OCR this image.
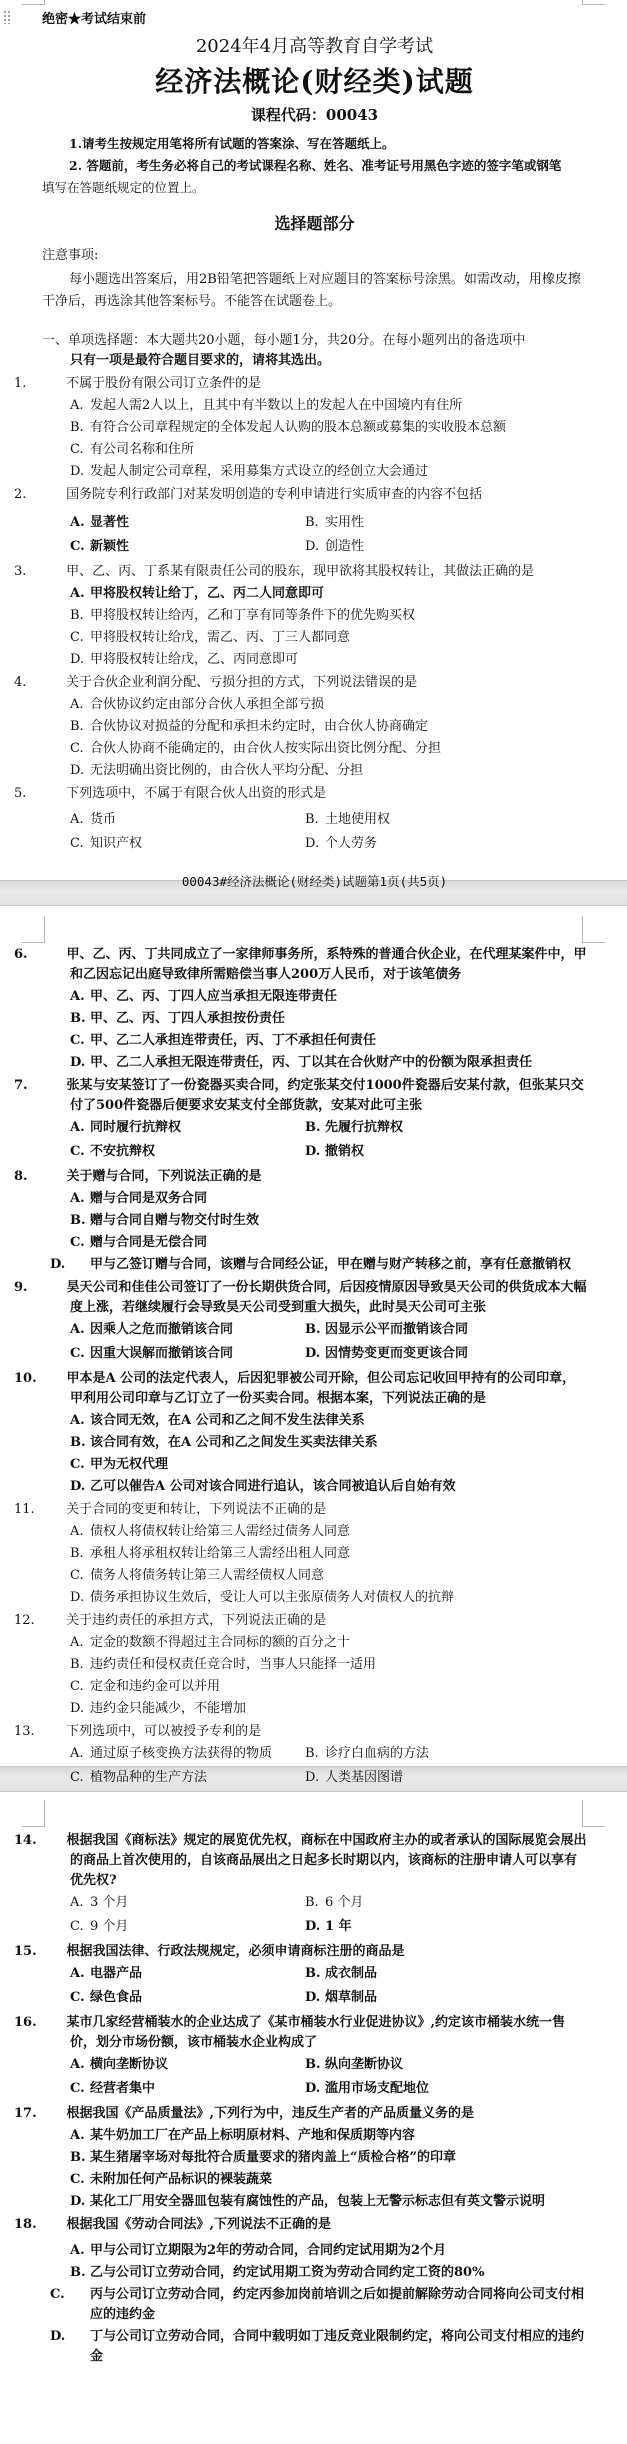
绝密★考试结束前
2024年4月高等教育自学考试
经济法概论(财经类)试题
课程代码：00043
1.请考生按规定用笔将所有试题的答案涂、写在答题纸上。
2. 答题前，考生务必将自己的考试课程名称、姓名、准考证号用黑色字迹的签字笔或钢笔
填写在答题纸规定的位置上。
选择题部分
注意事项:
每小题选出答案后，用2B铅笔把答题纸上对应题目的答案标号涂黑。如需改动，用橡皮擦干净后，再选涂其他答案标号。不能答在试题卷上。
一、单项选择题：本大题共20小题，每小题1分，共20分。在每小题列出的备选项中
只有一项是最符合题目要求的，请将其选出。
1.	不属于股份有限公司订立条件的是
A. 发起人需2人以上，且其中有半数以上的发起人在中国境内有住所
B. 有符合公司章程规定的全体发起人认购的股本总额或募集的实收股本总额
C. 有公司名称和住所
D. 发起人制定公司章程，采用募集方式设立的经创立大会通过
2.	国务院专利行政部门对某发明创造的专利申请进行实质审查的内容不包括
A. 显著性	B. 实用性
C. 新颖性	D. 创造性
3.	甲、乙、丙、丁系某有限责任公司的股东，现甲欲将其股权转让，其做法正确的是
A. 甲将股权转让给丁，乙、丙二人同意即可
B. 甲将股权转让给丙，乙和丁享有同等条件下的优先购买权
C. 甲将股权转让给戊，需乙、丙、丁三人都同意
D. 甲将股权转让给戊，乙、丙同意即可
4.	关于合伙企业利润分配、亏损分担的方式，下列说法错误的是
A. 合伙协议约定由部分合伙人承担全部亏损
B. 合伙协议对损益的分配和承担未约定时，由合伙人协商确定
C. 合伙人协商不能确定的，由合伙人按实际出资比例分配、分担
D. 无法明确出资比例的，由合伙人平均分配、分担
5.	下列选项中，不属于有限合伙人出资的形式是
A. 货币	B. 土地使用权
C. 知识产权	D. 个人劳务
00043#经济法概论(财经类)试题第1页(共5页)
6.	甲、乙、丙、丁共同成立了一家律师事务所，系特殊的普通合伙企业，在代理某案件中，甲和乙因忘记出庭导致律所需赔偿当事人200万人民币，对于该笔债务
A. 甲、乙、丙、丁四人应当承担无限连带责任
B. 甲、乙、丙、丁四人承担按份责任
C. 甲、乙二人承担连带责任，丙、丁不承担任何责任
D. 甲、乙二人承担无限连带责任，丙、丁以其在合伙财产中的份额为限承担责任
7.	张某与安某签订了一份瓷器买卖合同，约定张某交付1000件瓷器后安某付款，但张某只交付了500件瓷器后便要求安某支付全部货款，安某对此可主张
A. 同时履行抗辩权	B. 先履行抗辩权
C. 不安抗辩权	D. 撤销权
8.	关于赠与合同，下列说法正确的是
A. 赠与合同是双务合同
B. 赠与合同自赠与物交付时生效
C. 赠与合同是无偿合同
D. 甲与乙签订赠与合同，该赠与合同经公证，甲在赠与财产转移之前，享有任意撤销权
9.	昊天公司和佳佳公司签订了一份长期供货合同，后因疫情原因导致昊天公司的供货成本大幅度上涨，若继续履行会导致昊天公司受到重大损失，此时昊天公司可主张
A. 因乘人之危而撤销该合同	B. 因显示公平而撤销该合同
C. 因重大误解而撤销该合同	D. 因情势变更而变更该合同
10. 甲本是A 公司的法定代表人，后因犯罪被公司开除，但公司忘记收回甲持有的公司印章，甲利用公司印章与乙订立了一份买卖合同。根据本案，下列说法正确的是
A. 该合同无效，在A 公司和乙之间不发生法律关系
B. 该合同有效，在A 公司和乙之间发生买卖法律关系
C. 甲为无权代理
D. 乙可以催告A 公司对该合同进行追认，该合同被追认后自始有效
11. 关于合同的变更和转让，下列说法不正确的是
A. 债权人将债权转让给第三人需经过债务人同意
B. 承租人将承租权转让给第三人需经出租人同意
C. 债务人将债务转让第三人需经债权人同意
D. 债务承担协议生效后，受让人可以主张原债务人对债权人的抗辩
12. 关于违约责任的承担方式，下列说法正确的是
A. 定金的数额不得超过主合同标的额的百分之十
B. 违约责任和侵权责任竞合时，当事人只能择一适用
C. 定金和违约金可以并用
D. 违约金只能减少，不能增加
13. 下列选项中，可以被授予专利的是
A. 通过原子核变换方法获得的物质	B. 诊疗白血病的方法
C. 植物品种的生产方法	D. 人类基因图谱
14. 根据我国《商标法》规定的展览优先权，商标在中国政府主办的或者承认的国际展览会展出的商品上首次使用的，自该商品展出之日起多长时期以内，该商标的注册申请人可以享有优先权?
A. 3 个月	B. 6 个月
C. 9 个月	D. 1 年
15. 根据我国法律、行政法规规定，必须申请商标注册的商品是
A. 电器产品	B. 成衣制品
C. 绿色食品	D. 烟草制品
16. 某市几家经营桶装水的企业达成了《某市桶装水行业促进协议》,约定该市桶装水统一售价，划分市场份额，该市桶装水企业构成了
A. 横向垄断协议	B. 纵向垄断协议
C. 经营者集中	D. 滥用市场支配地位
17. 根据我国《产品质量法》,下列行为中，违反生产者的产品质量义务的是
A. 某牛奶加工厂在产品上标明原材料、产地和保质期等内容
B. 某生猪屠宰场对每批符合质量要求的猪肉盖上“质检合格”的印章
C. 未附加任何产品标识的裸装蔬菜
D. 某化工厂用安全器皿包装有腐蚀性的产品，包装上无警示标志但有英文警示说明
18. 根据我国《劳动合同法》,下列说法不正确的是
A. 甲与公司订立期限为2年的劳动合同，合同约定试用期为2个月
B. 乙与公司订立劳动合同，约定试用期工资为劳动合同约定工资的80%
C. 丙与公司订立劳动合同，约定丙参加岗前培训之后如提前解除劳动合同将向公司支付相应的违约金
D. 丁与公司订立劳动合同，合同中载明如丁违反竞业限制约定，将向公司支付相应的违约金
